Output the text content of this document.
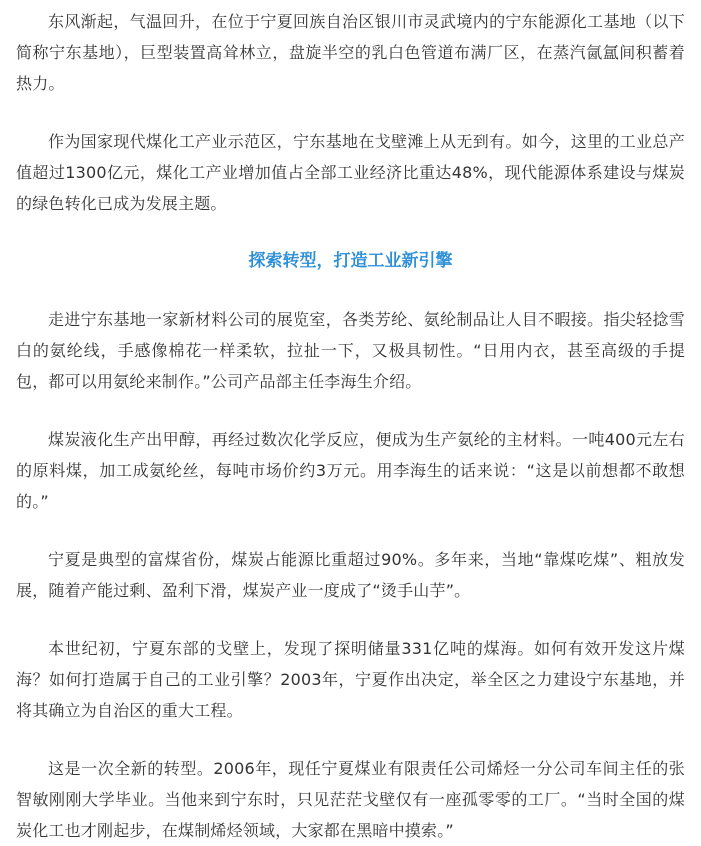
东风渐起，气温回升，在位于宁夏回族自治区银川市灵武境内的宁东能源化工基地（以下简称宁东基地），巨型装置高耸林立，盘旋半空的乳白色管道布满厂区，在蒸汽氤氲间积蓄着热力。

作为国家现代煤化工产业示范区，宁东基地在戈壁滩上从无到有。如今，这里的工业总产值超过1300亿元，煤化工产业增加值占全部工业经济比重达48%，现代能源体系建设与煤炭的绿色转化已成为发展主题。

探索转型，打造工业新引擎

走进宁东基地一家新材料公司的展览室，各类芳纶、氨纶制品让人目不暇接。指尖轻捻雪白的氨纶线，手感像棉花一样柔软，拉扯一下，又极具韧性。“日用内衣，甚至高级的手提包，都可以用氨纶来制作。”公司产品部主任李海生介绍。

煤炭液化生产出甲醇，再经过数次化学反应，便成为生产氨纶的主材料。一吨400元左右的原料煤，加工成氨纶丝，每吨市场价约3万元。用李海生的话来说：“这是以前想都不敢想的。”

宁夏是典型的富煤省份，煤炭占能源比重超过90%。多年来，当地“靠煤吃煤”、粗放发展，随着产能过剩、盈利下滑，煤炭产业一度成了“烫手山芋”。

本世纪初，宁夏东部的戈壁上，发现了探明储量331亿吨的煤海。如何有效开发这片煤海？如何打造属于自己的工业引擎？2003年，宁夏作出决定，举全区之力建设宁东基地，并将其确立为自治区的重大工程。

这是一次全新的转型。2006年，现任宁夏煤业有限责任公司烯烃一分公司车间主任的张智敏刚刚大学毕业。当他来到宁东时，只见茫茫戈壁仅有一座孤零零的工厂。“当时全国的煤炭化工也才刚起步，在煤制烯烃领域，大家都在黑暗中摸索。”
